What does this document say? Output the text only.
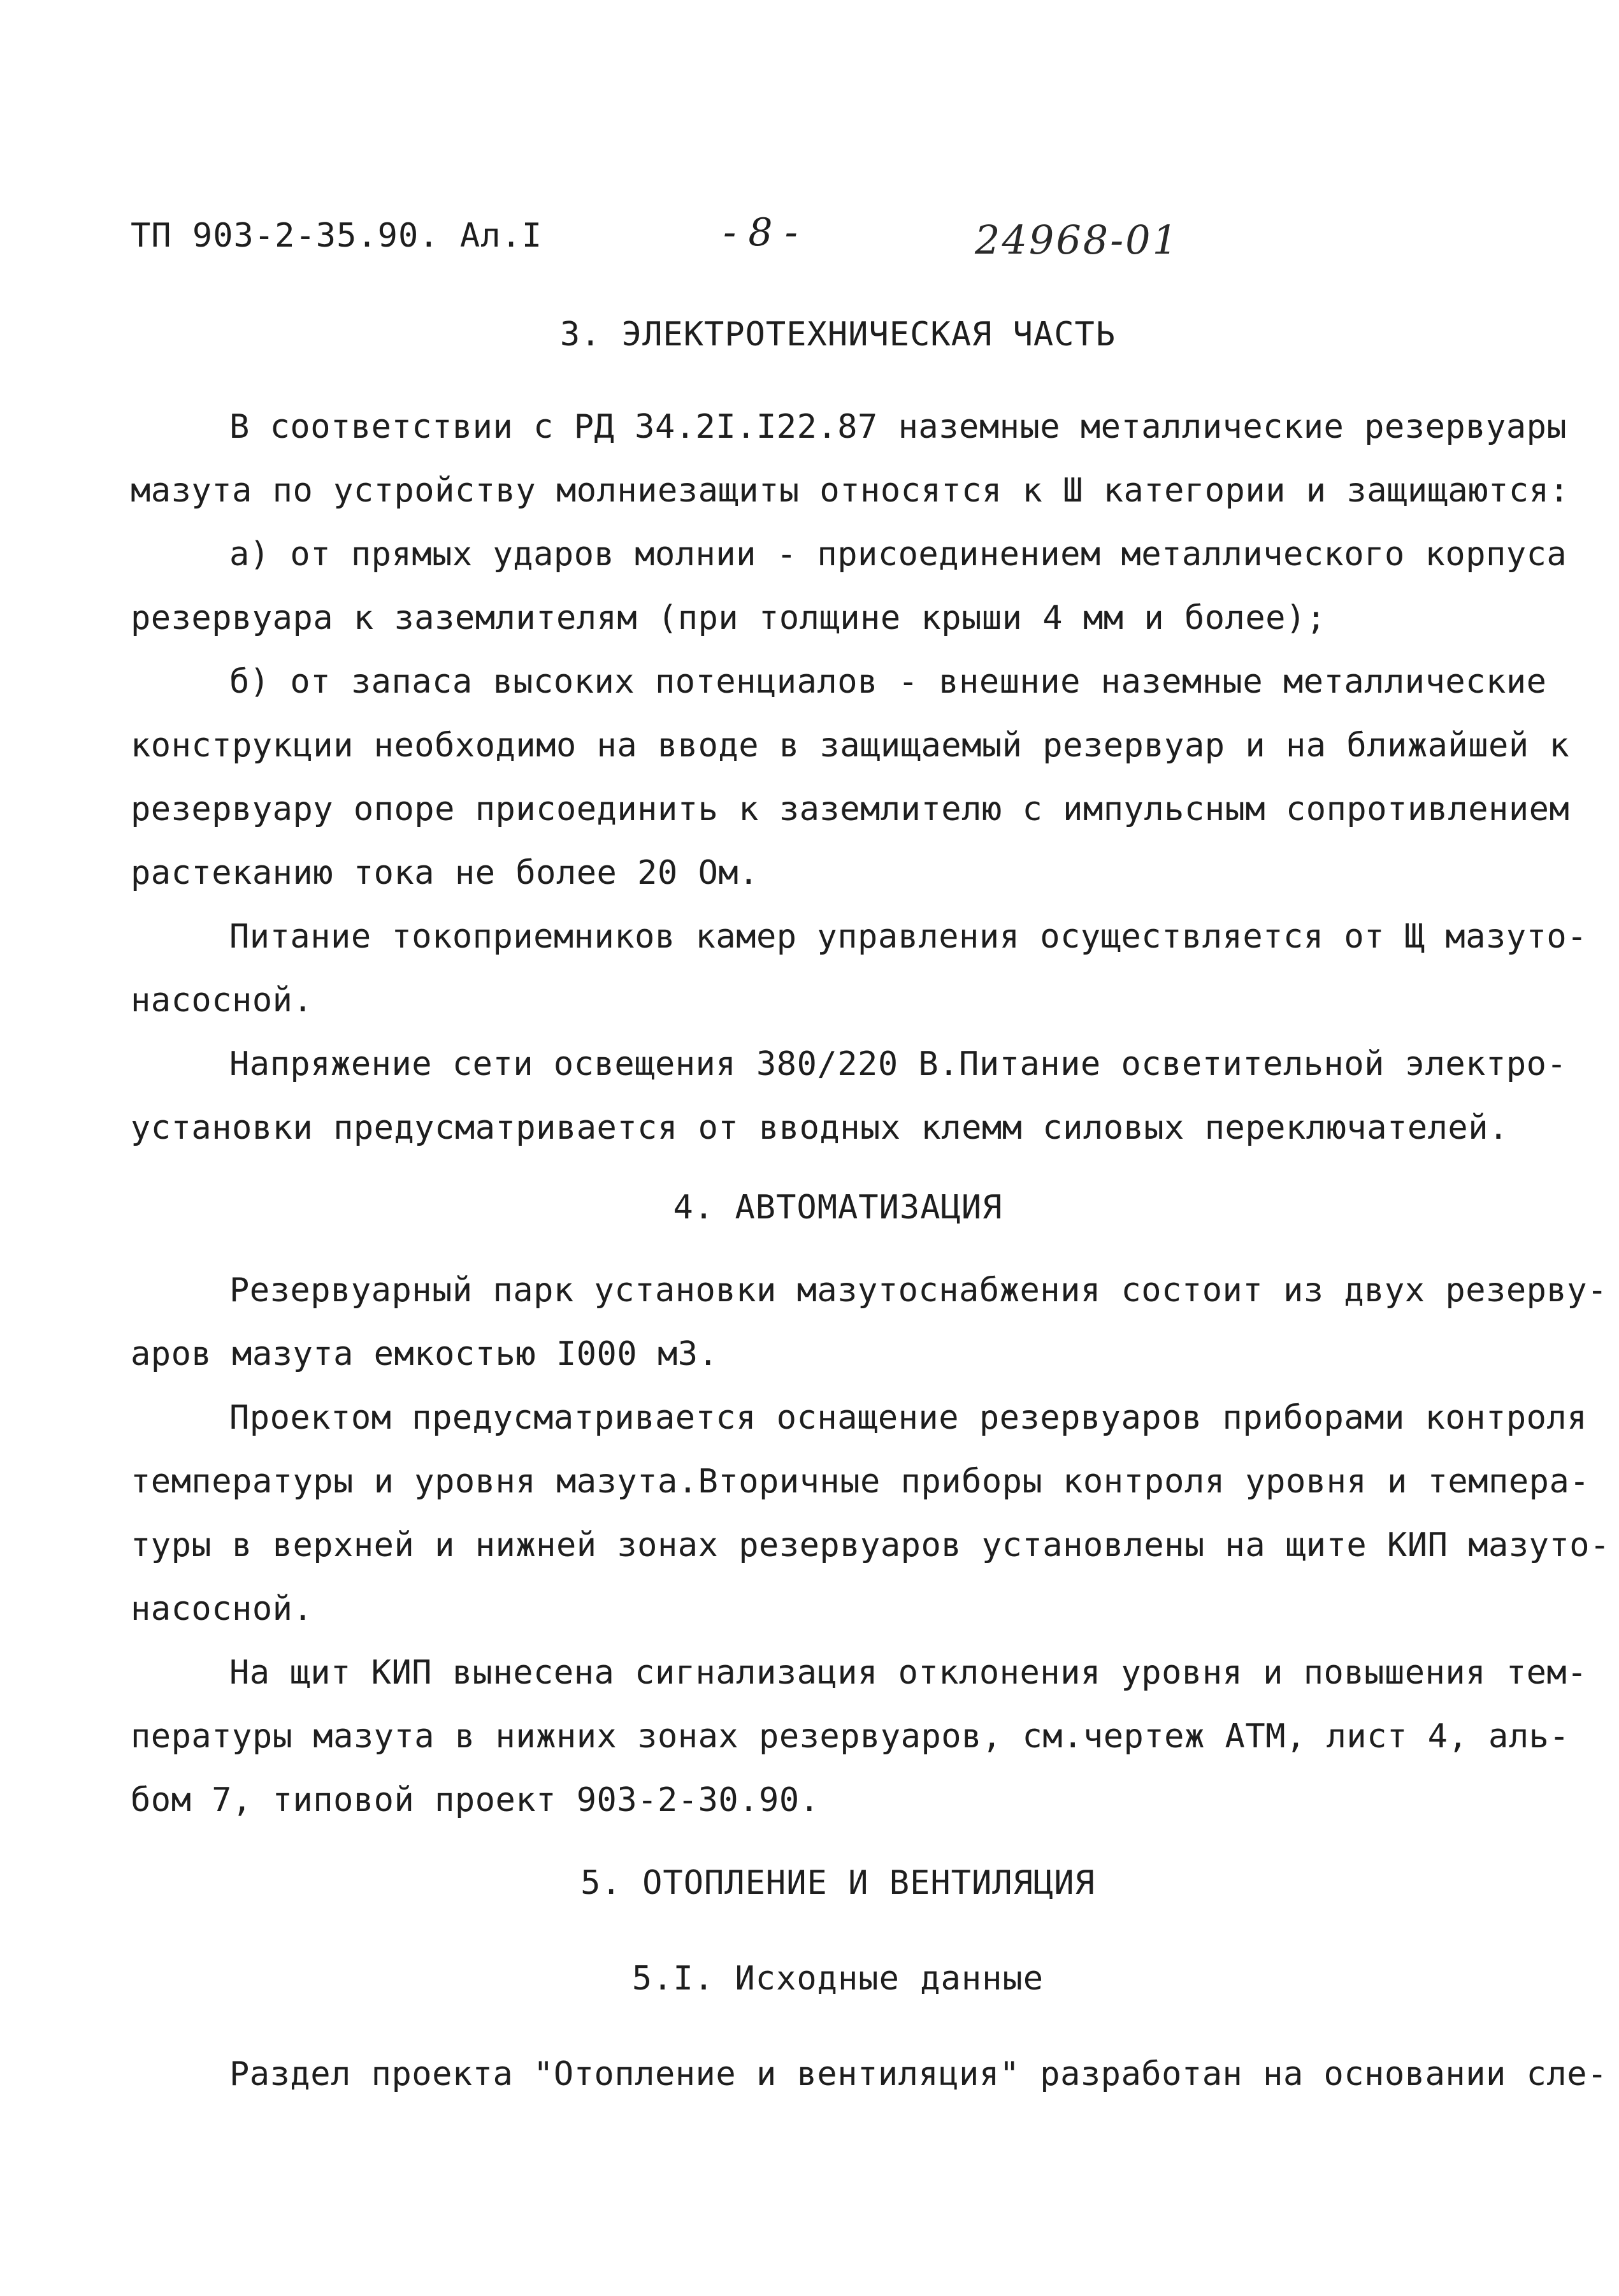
ТП 903-2-35.90. Ал.I	- 8 -	24968-01
3. ЭЛЕКТРОТЕХНИЧЕСКАЯ ЧАСТЬ

В соответствии с РД 34.2I.I22.87 наземные металлические резервуары
мазута по устройству молниезащиты относятся к Ш категории и защищаются:

а) от прямых ударов молнии - присоединением металлического корпуса
резервуара к заземлителям (при толщине крыши 4 мм и более);

б) от запаса высоких потенциалов - внешние наземные металлические
конструкции необходимо на вводе в защищаемый резервуар и на ближайшей к
резервуару опоре присоединить к заземлителю с импульсным сопротивлением
растеканию тока не более 20 Ом.

Питание токоприемников камер управления осуществляется от Щ мазуто-
насосной.

Напряжение сети освещения 380/220 В.Питание осветительной электро-
установки предусматривается от вводных клемм силовых переключателей.

4. АВТОМАТИЗАЦИЯ

Резервуарный парк установки мазутоснабжения состоит из двух резерву-
аров мазута емкостью I000 м3.

Проектом предусматривается оснащение резервуаров приборами контроля
температуры и уровня мазута.Вторичные приборы контроля уровня и темпера-
туры в верхней и нижней зонах резервуаров установлены на щите КИП мазуто-
насосной.

На щит КИП вынесена сигнализация отклонения уровня и повышения тем-
пературы мазута в нижних зонах резервуаров, см.чертеж АТМ, лист 4, аль-
бом 7, типовой проект 903-2-30.90.

5. ОТОПЛЕНИЕ И ВЕНТИЛЯЦИЯ
5.I. Исходные данные

Раздел проекта "Отопление и вентиляция" разработан на основании сле-
